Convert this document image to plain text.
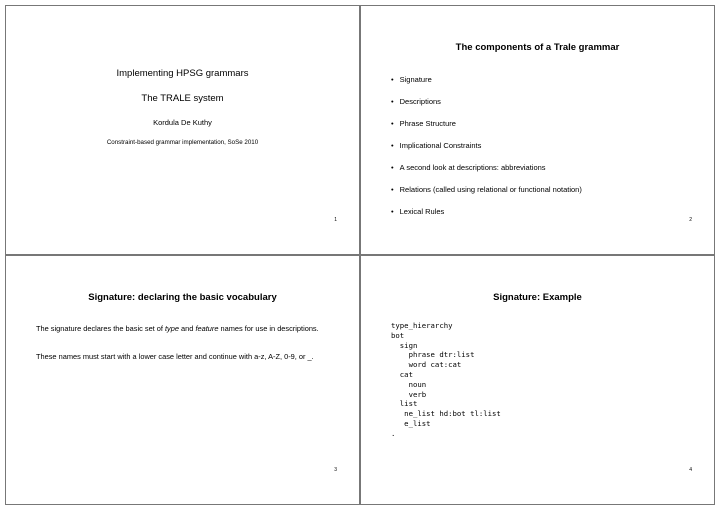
Implementing HPSG grammars
The TRALE system
Kordula De Kuthy
Constraint-based grammar implementation, SoSe 2010
1
The components of a Trale grammar
• Signature
• Descriptions
• Phrase Structure
• Implicational Constraints
• A second look at descriptions: abbreviations
• Relations (called using relational or functional notation)
• Lexical Rules
2
Signature: declaring the basic vocabulary
The signature declares the basic set of type and feature names for use in descriptions.
These names must start with a lower case letter and continue with a-z, A-Z, 0-9, or _.
3
Signature: Example
type_hierarchy
bot
sign
phrase dtr:list
word cat:cat
cat
noun
verb
list
ne_list hd:bot tl:list
e_list
.
4
